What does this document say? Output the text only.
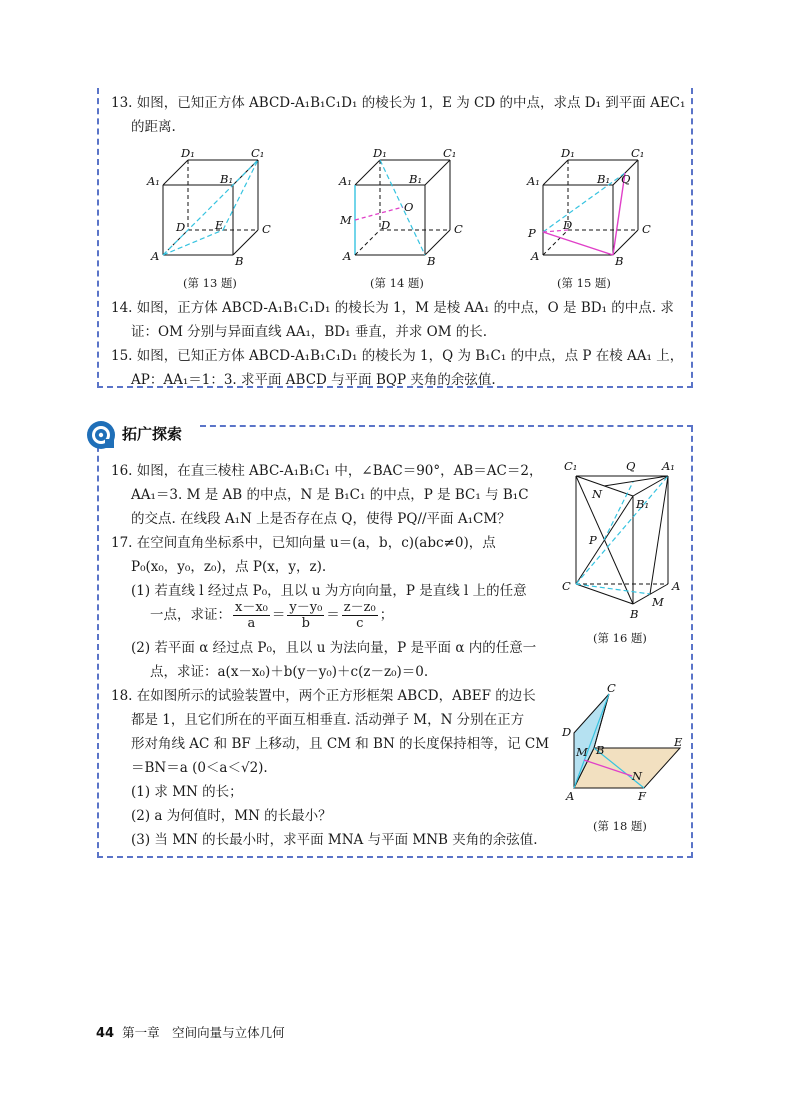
13. 如图，已知正方体 ABCD-A₁B₁C₁D₁ 的棱长为 1，E 为 CD 的中点，求点 D₁ 到平面 AEC₁
的距离.
D₁	C₁
A₁	B₁
D	E	C
A	B
(第 13 题)
D₁	C₁
A₁	B₁
M
O
D	C
A	B
(第 14 题)
D₁	C₁
A₁	B₁ Q
P
D	C
A	B
(第 15 题)
14. 如图，正方体 ABCD-A₁B₁C₁D₁ 的棱长为 1，M 是棱 AA₁ 的中点，O 是 BD₁ 的中点. 求
证：OM 分别与异面直线 AA₁，BD₁ 垂直，并求 OM 的长.
15. 如图，已知正方体 ABCD-A₁B₁C₁D₁ 的棱长为 1，Q 为 B₁C₁ 的中点，点 P 在棱 AA₁ 上，
AP：AA₁＝1：3. 求平面 ABCD 与平面 BQP 夹角的余弦值.
拓广探索
16. 如图，在直三棱柱 ABC-A₁B₁C₁ 中，∠BAC＝90°，AB＝AC＝2，
AA₁＝3. M 是 AB 的中点，N 是 B₁C₁ 的中点，P 是 BC₁ 与 B₁C
的交点. 在线段 A₁N 上是否存在点 Q，使得 PQ//平面 A₁CM？
17. 在空间直角坐标系中，已知向量 u＝(a，b，c)(abc≠0)，点
P₀(x₀，y₀，z₀)，点 P(x，y，z).
(1) 若直线 l 经过点 P₀，且以 u 为方向向量，P 是直线 l 上的任意
一点，求证： $\frac{\text{x－x₀}}{a} = \frac{\text{y－y₀}}{b} = \frac{\text{z－z₀}}{c}$ ；
(2) 若平面 α 经过点 P₀，且以 u 为法向量，P 是平面 α 内的任意一
点，求证：a(x－x₀)＋b(y－y₀)＋c(z－z₀)＝0.
18. 在如图所示的试验装置中，两个正方形框架 ABCD，ABEF 的边长
都是 1，且它们所在的平面互相垂直. 活动弹子 M，N 分别在正方
形对角线 AC 和 BF 上移动，且 CM 和 BN 的长度保持相等，记 CM
＝BN＝a (0＜a＜√2).
(1) 求 MN 的长；
(2) a 为何值时，MN 的长最小？
(3) 当 MN 的长最小时，求平面 MNA 与平面 MNB 夹角的余弦值.
C₁	Q A₁
N
B₁
P
C	A
M
B
(第 16 题)
C
D
M B
E
N
A	F
(第 18 题)
44 第一章　空间向量与立体几何
